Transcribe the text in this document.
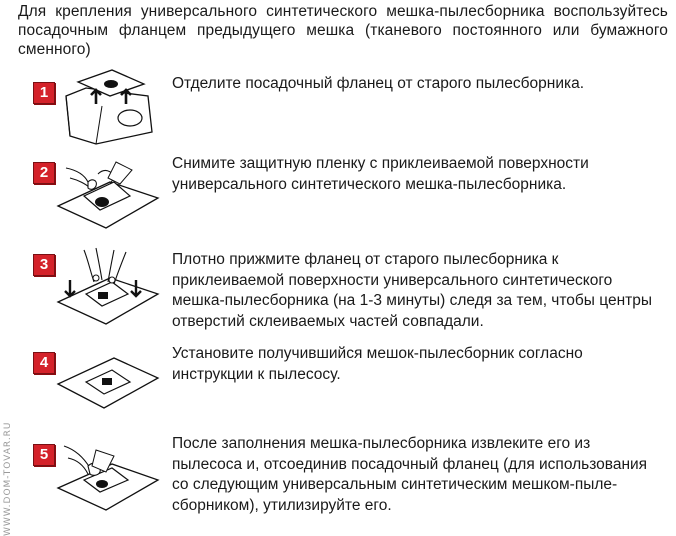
Для крепления универсального синтетического мешка-пылесборника воспользуйтесь посадочным фланцем предыдущего мешка (тканевого постоянного или бумажного сменного)
1
Отделите посадочный фланец от старого пылесборника.
2
Снимите защитную пленку с приклеиваемой поверхности универсального синтетического мешка-пылесборника.
3	Плотно прижмите фланец от старого пылесборника к приклеиваемой поверхности универсального синтетического мешка-пылесборника (на 1-3 минуты) следя за тем, чтобы центры отверстий склеиваемых частей совпадали.
4
Установите получившийся мешок-пылесборник согласно инструкции к пылесосу.
5
После заполнения мешка-пылесборника извлеките его из пылесоса и, отсоединив посадочный фланец (для использования со следующим универсальным синтетическим мешком-пыле-сборником), утилизируйте его.
WWW.DOM-TOVAR.RU
